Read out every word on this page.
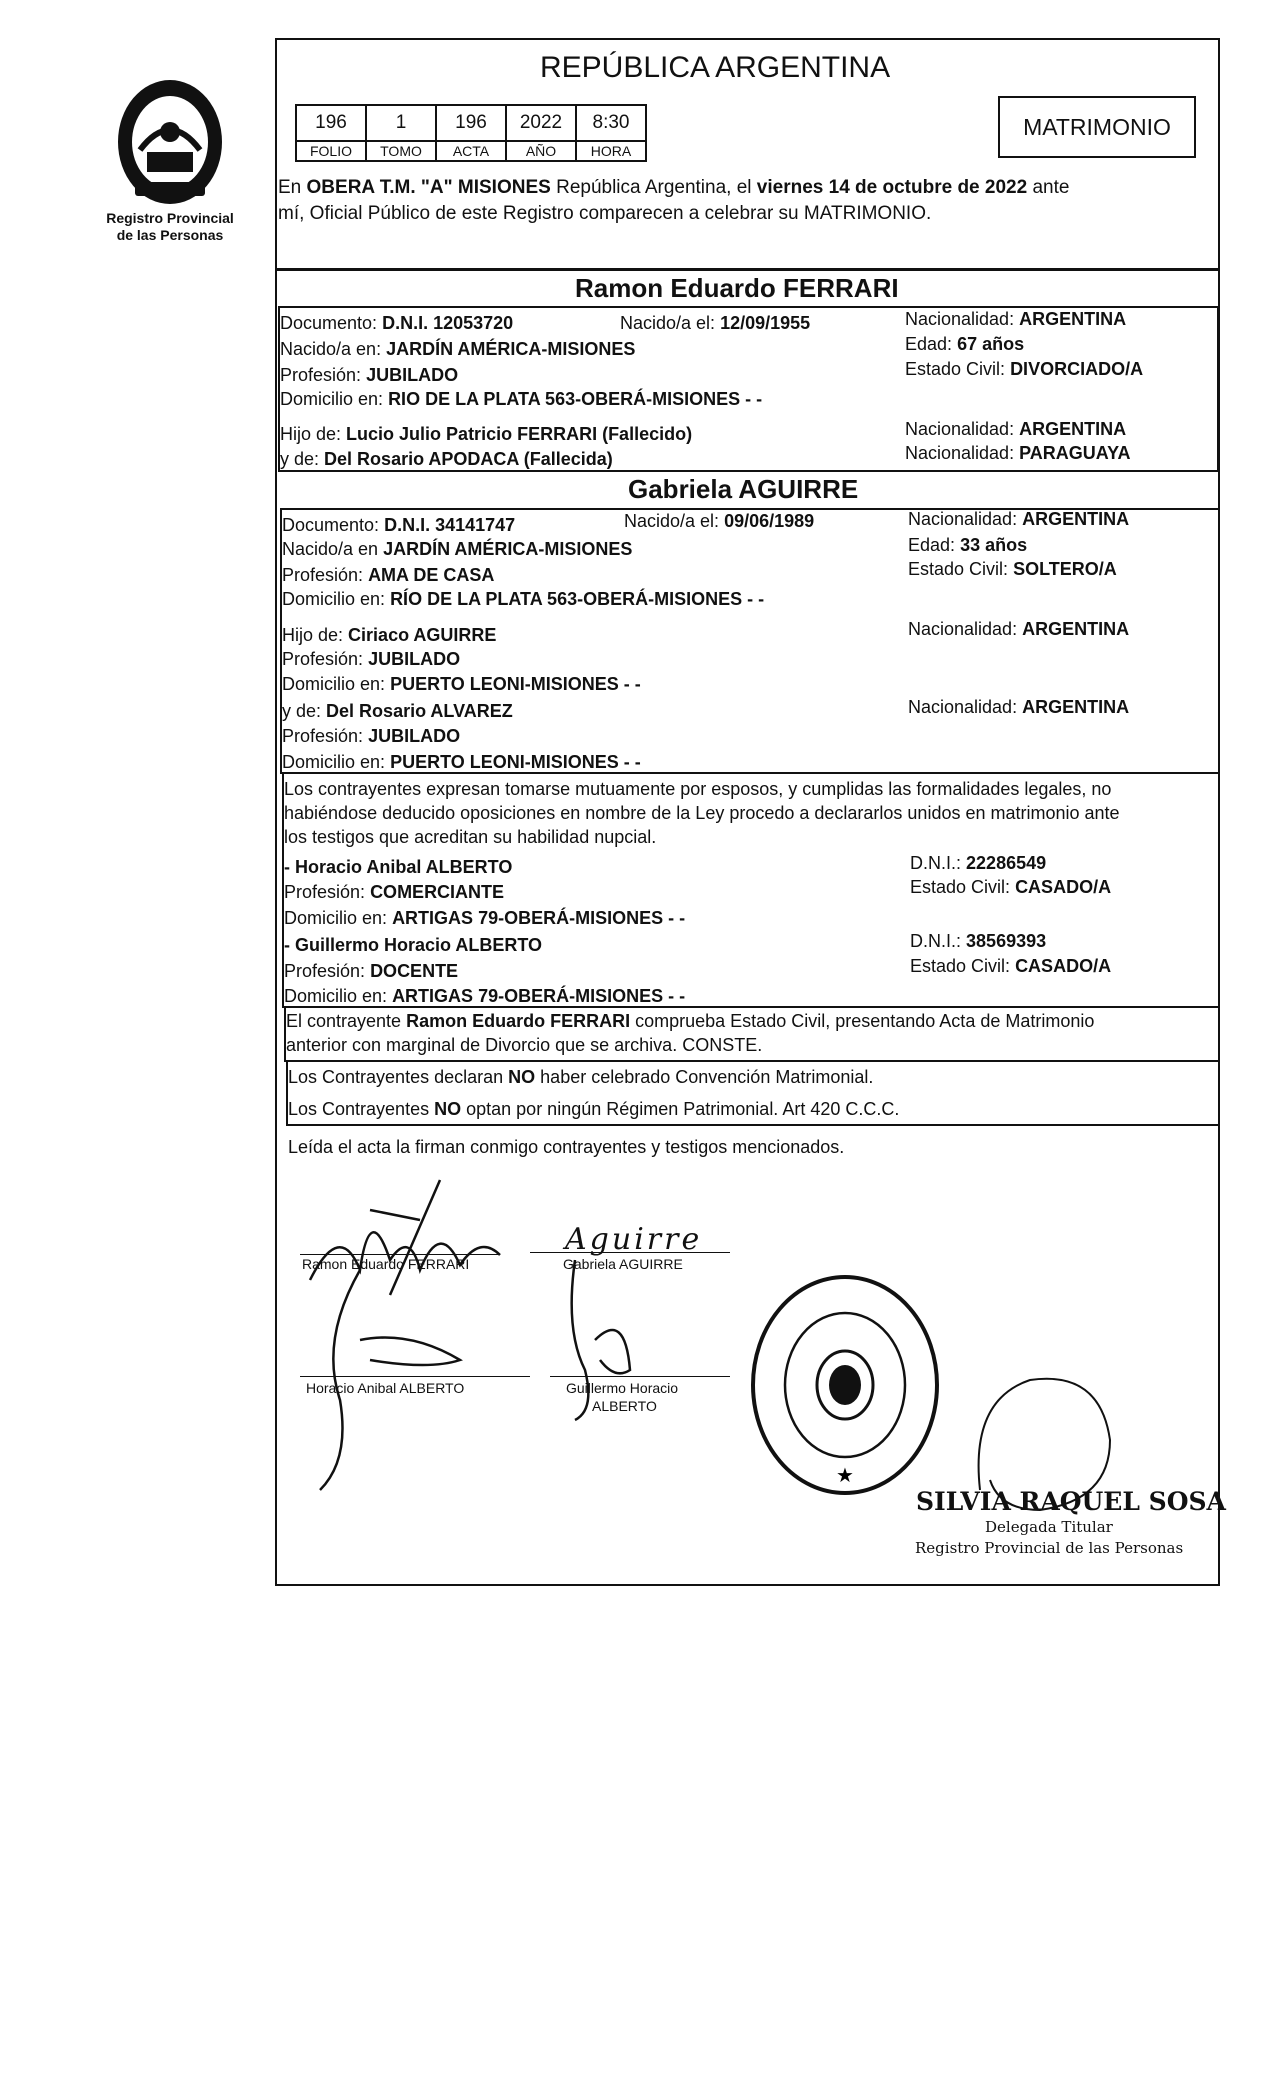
Registro Provincial
de las Personas
REPÚBLICA ARGENTINA
196	1	196	2022	8:30
FOLIO	TOMO	ACTA	AÑO	HORA
MATRIMONIO
En OBERA T.M. "A" MISIONES República Argentina, el viernes 14 de octubre de 2022 ante
mí, Oficial Público de este Registro comparecen a celebrar su MATRIMONIO.
Ramon Eduardo FERRARI
Documento: D.N.I. 12053720	Nacido/a el: 12/09/1955	Nacionalidad: ARGENTINA
Nacido/a en: JARDÍN AMÉRICA-MISIONES	Edad: 67 años
Profesión: JUBILADO	Estado Civil: DIVORCIADO/A
Domicilio en: RIO DE LA PLATA 563-OBERÁ-MISIONES - -
Hijo de: Lucio Julio Patricio FERRARI (Fallecido)	Nacionalidad: ARGENTINA
y de: Del Rosario APODACA (Fallecida)	Nacionalidad: PARAGUAYA
Gabriela AGUIRRE
Documento: D.N.I. 34141747	Nacido/a el: 09/06/1989	Nacionalidad: ARGENTINA
Nacido/a en JARDÍN AMÉRICA-MISIONES	Edad: 33 años
Profesión: AMA DE CASA	Estado Civil: SOLTERO/A
Domicilio en: RÍO DE LA PLATA 563-OBERÁ-MISIONES - -
Hijo de: Ciriaco AGUIRRE	Nacionalidad: ARGENTINA
Profesión: JUBILADO
Domicilio en: PUERTO LEONI-MISIONES - -
y de: Del Rosario ALVAREZ	Nacionalidad: ARGENTINA
Profesión: JUBILADO
Domicilio en: PUERTO LEONI-MISIONES - -
Los contrayentes expresan tomarse mutuamente por esposos, y cumplidas las formalidades legales, no
habiéndose deducido oposiciones en nombre de la Ley procedo a declararlos unidos en matrimonio ante
los testigos que acreditan su habilidad nupcial.
- Horacio Anibal ALBERTO	D.N.I.: 22286549
Profesión: COMERCIANTE	Estado Civil: CASADO/A
Domicilio en: ARTIGAS 79-OBERÁ-MISIONES - -
- Guillermo Horacio ALBERTO	D.N.I.: 38569393
Profesión: DOCENTE	Estado Civil: CASADO/A
Domicilio en: ARTIGAS 79-OBERÁ-MISIONES - -
El contrayente Ramon Eduardo FERRARI comprueba Estado Civil, presentando Acta de Matrimonio
anterior con marginal de Divorcio que se archiva. CONSTE.
Los Contrayentes declaran NO haber celebrado Convención Matrimonial.
Los Contrayentes NO optan por ningún Régimen Patrimonial. Art 420 C.C.C.
Leída el acta la firman conmigo contrayentes y testigos mencionados.
Ramon Eduardo FERRARI
Aguirre
Gabriela AGUIRRE
Horacio Anibal ALBERTO	Guillermo Horacio
ALBERTO
★
SILVIA RAQUEL SOSA
Delegada Titular
Registro Provincial de las Personas
